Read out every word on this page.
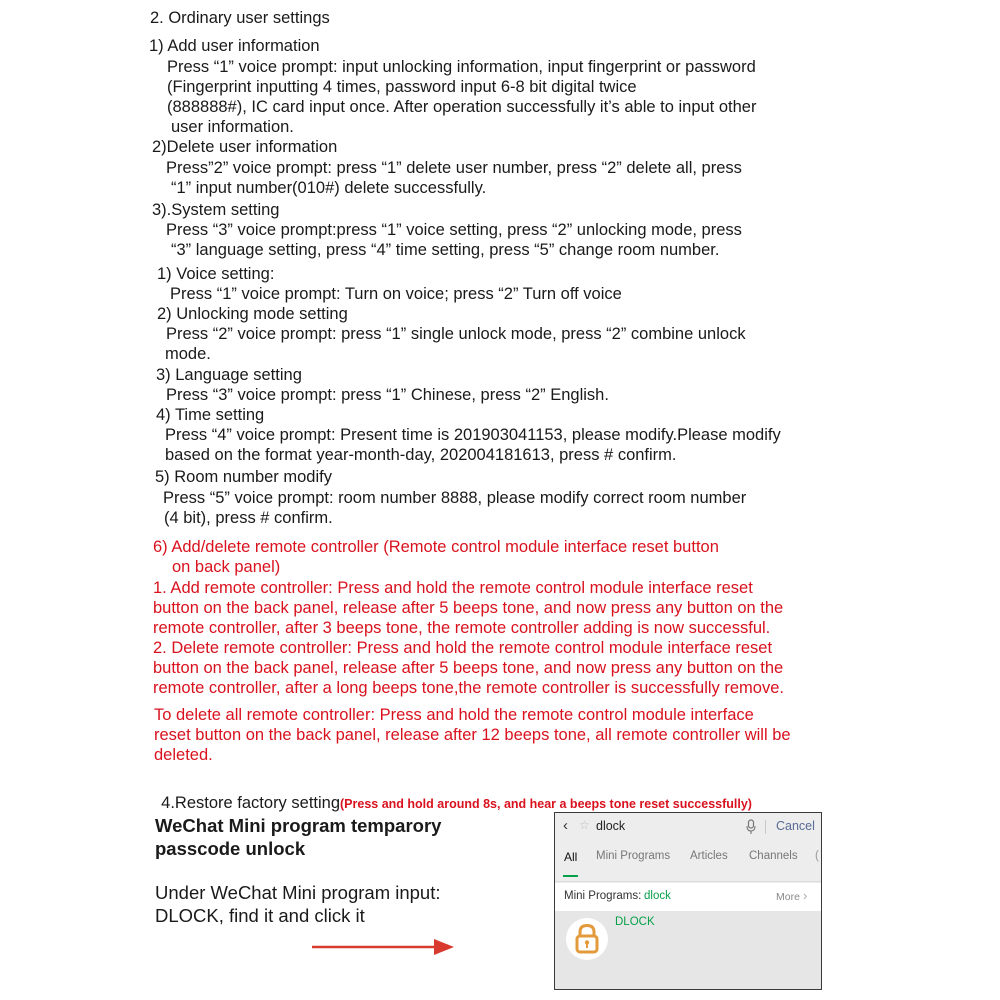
2. Ordinary user settings
1) Add user information
Press “1” voice prompt: input unlocking information, input fingerprint or password
(Fingerprint inputting 4 times, password input 6-8 bit digital twice
(888888#), IC card input once. After operation successfully it’s able to input other
user information.
2)Delete user information
Press”2” voice prompt: press “1” delete user number, press “2” delete all, press
“1” input number(010#) delete successfully.
3).System setting
Press “3” voice prompt:press “1” voice setting, press “2” unlocking mode, press
“3” language setting, press “4” time setting, press “5” change room number.
1) Voice setting:
Press “1” voice prompt: Turn on voice; press “2” Turn off voice
2) Unlocking mode setting
Press “2” voice prompt: press “1” single unlock mode, press “2” combine unlock
mode.
3) Language setting
Press “3” voice prompt: press “1” Chinese, press “2” English.
4) Time setting
Press “4” voice prompt: Present time is 201903041153, please modify.Please modify
based on the format year-month-day, 202004181613, press # confirm.
5) Room number modify
Press “5” voice prompt: room number 8888, please modify correct room number
(4 bit), press # confirm.
6) Add/delete remote controller (Remote control module interface reset button
on back panel)
1. Add remote controller: Press and hold the remote control module interface reset
button on the back panel, release after 5 beeps tone, and now press any button on the
remote controller, after 3 beeps tone, the remote controller adding is now successful.
2. Delete remote controller: Press and hold the remote control module interface reset
button on the back panel, release after 5 beeps tone, and now press any button on the
remote controller, after a long beeps tone,the remote controller is successfully remove.
To delete all remote controller: Press and hold the remote control module interface
reset button on the back panel, release after 12 beeps tone, all remote controller will be
deleted.

4.Restore factory setting(Press and hold around 8s, and hear a beeps tone reset successfully)

WeChat Mini program temparory
passcode unlock
Under WeChat Mini program input:
DLOCK, find it and click it
‹ ☆ dlock	Cancel
All Mini Programs Articles Channels (
Mini Programs: dlock	More ›
DLOCK
